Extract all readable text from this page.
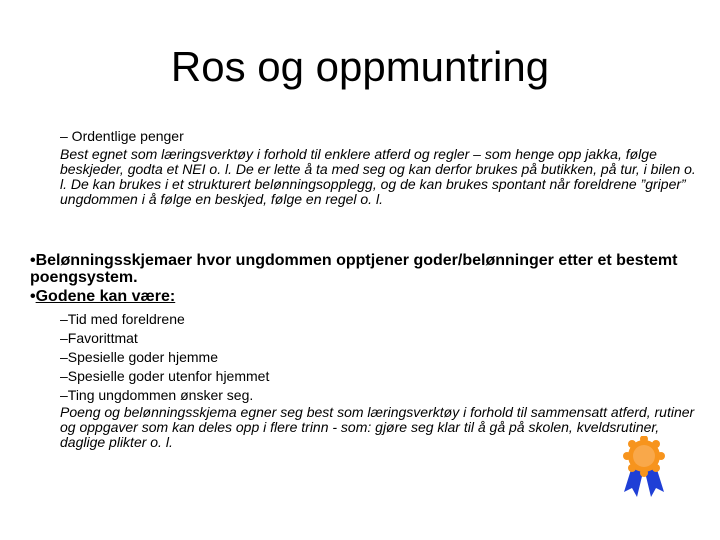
Ros og oppmuntring
– Ordentlige penger
Best egnet som læringsverktøy i forhold til enklere atferd og regler – som henge opp jakka, følge beskjeder, godta et NEI o. l. De er lette å ta med seg og kan derfor brukes på butikken, på tur, i bilen o. l. De kan brukes i et strukturert belønningsopplegg, og de kan brukes spontant når foreldrene ”griper” ungdommen i å følge en beskjed, følge en regel o. l.
•Belønningsskjemaer hvor ungdommen opptjener goder/belønninger etter et bestemt poengsystem.
•Godene kan være:
–Tid med foreldrene
–Favorittmat
–Spesielle goder hjemme
–Spesielle goder utenfor hjemmet
–Ting ungdommen ønsker seg.
Poeng og belønningsskjema egner seg best som læringsverktøy i forhold til sammensatt atferd, rutiner og oppgaver som kan deles opp i flere trinn - som: gjøre seg klar til å gå på skolen, kveldsrutiner, daglige plikter o. l.
